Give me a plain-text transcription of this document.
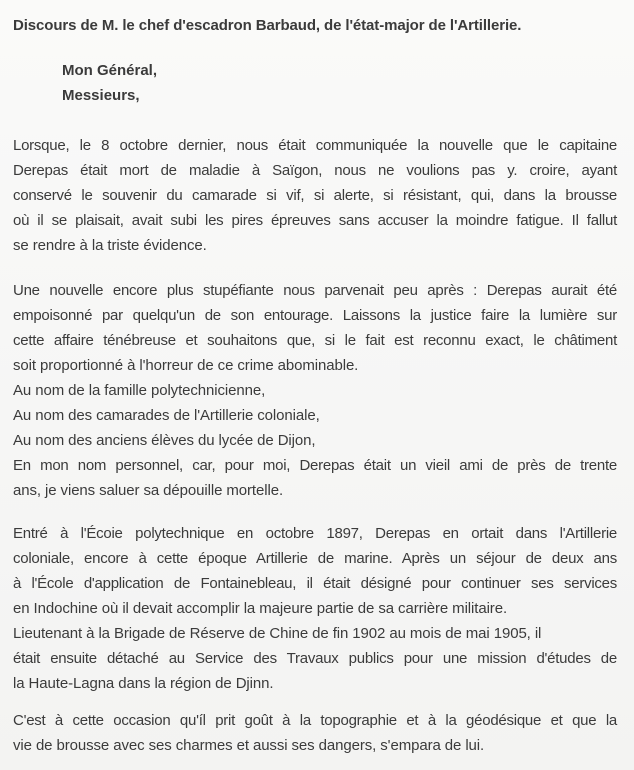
Discours de M. le chef d'escadron Barbaud, de l'état-major de l'Artillerie.
Mon Général,
Messieurs,
Lorsque, le 8 octobre dernier, nous était communiquée la nouvelle que le capitaine
Derepas était mort de maladie à Saïgon, nous ne voulions pas y. croire, ayant
conservé le souvenir du camarade si vif, si alerte, si résistant, qui, dans la brousse
où il se plaisait, avait subi les pires épreuves sans accuser la moindre fatigue. Il fallut
se rendre à la triste évidence.
Une nouvelle encore plus stupéfiante nous parvenait peu après : Derepas aurait été
empoisonné par quelqu'un de son entourage. Laissons la justice faire la lumière sur
cette affaire ténébreuse et souhaitons que, si le fait est reconnu exact, le châtiment
soit proportionné à l'horreur de ce crime abominable.
Au nom de la famille polytechnicienne,
Au nom des camarades de l'Artillerie coloniale,
Au nom des anciens élèves du lycée de Dijon,
En mon nom personnel, car, pour moi, Derepas était un vieil ami de près de trente
ans, je viens saluer sa dépouille mortelle.
Entré à l'Écoie polytechnique en octobre 1897, Derepas en ortait dans l'Artillerie
coloniale, encore à cette époque Artillerie de marine. Après un séjour de deux ans
à l'École d'application de Fontainebleau, il était désigné pour continuer ses services
en Indochine où il devait accomplir la majeure partie de sa carrière militaire.
Lieutenant à la Brigade de Réserve de Chine de fin 1902 au mois de mai 1905, il
était ensuite détaché au Service des Travaux publics pour une mission d'études de
la Haute-Lagna dans la région de Djinn.
C'est à cette occasion qu'íl prit goût à la topographie et à la géodésique et que la
vie de brousse avec ses charmes et aussi ses dangers, s'empara de lui.
